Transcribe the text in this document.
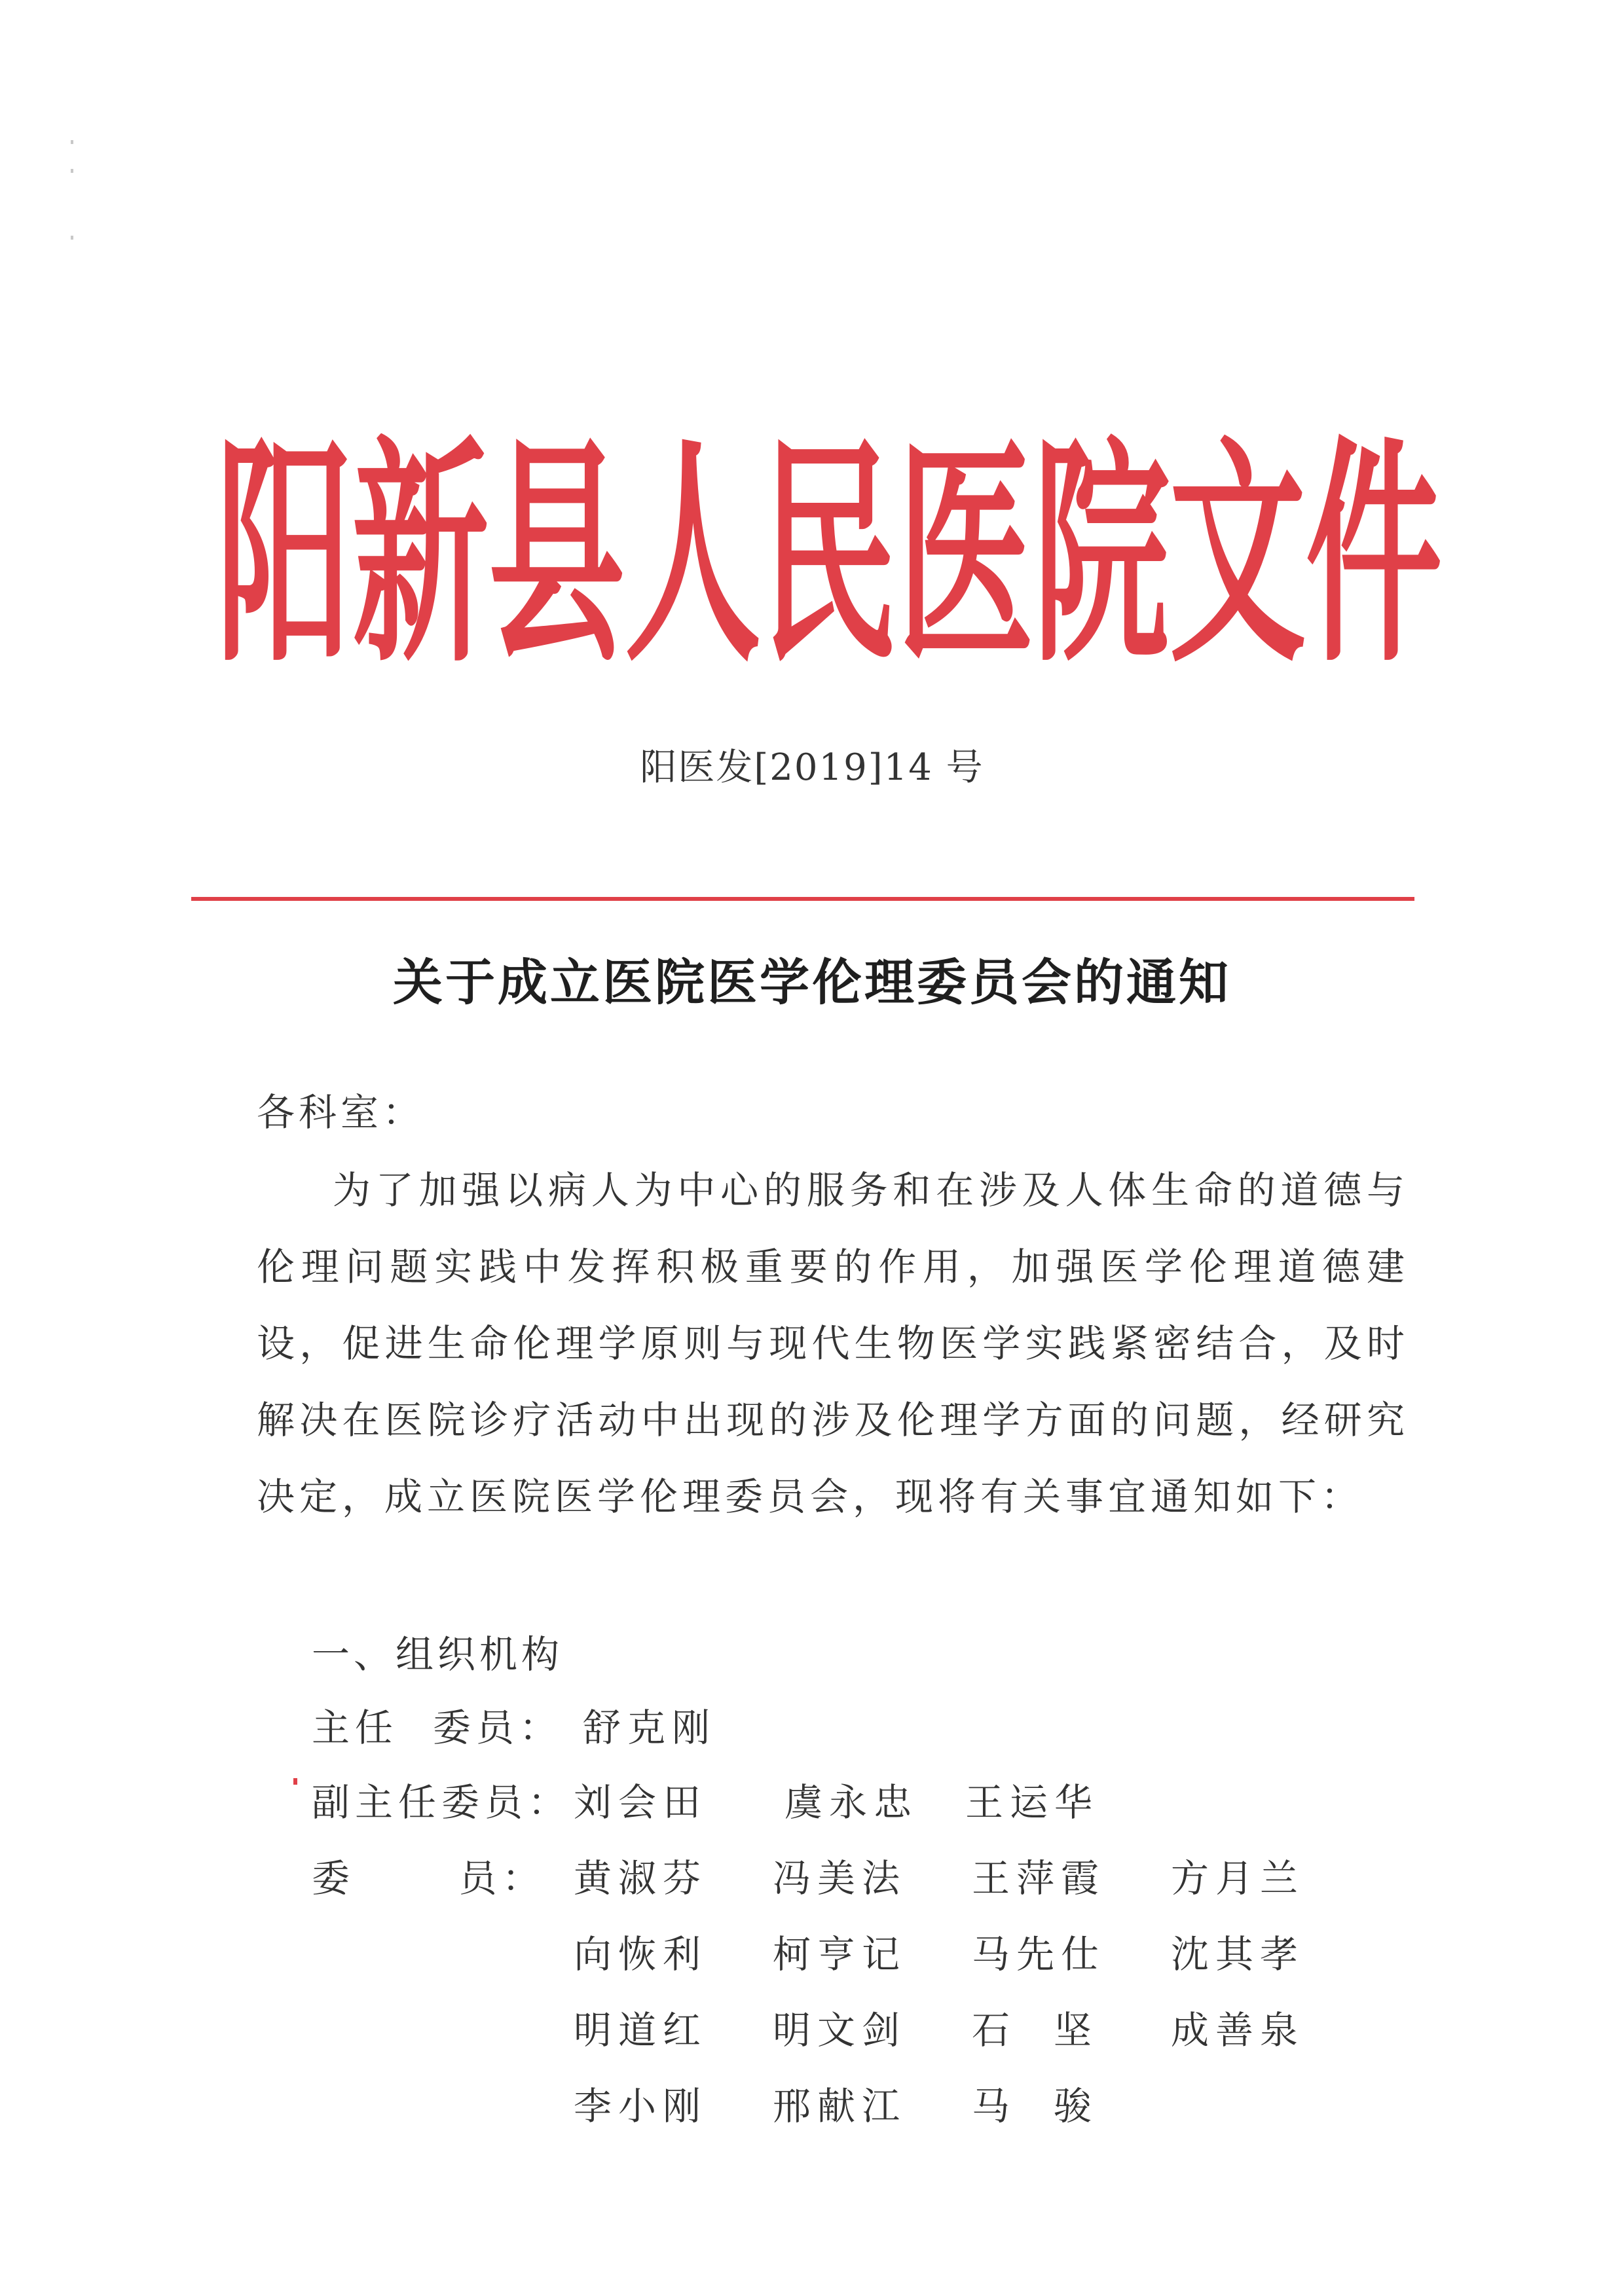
阳 新 县 人 民 医 院 文 件
阳医发[2019]14 号
关于成立医院医学伦理委员会的通知
各科室：
为了加强以病人为中心的服务和在涉及人体生命的道德与伦理问题实践中发挥积极重要的作用，加强医学伦理道德建设，促进生命伦理学原则与现代生物医学实践紧密结合，及时解决在医院诊疗活动中出现的涉及伦理学方面的问题，经研究决定，成立医院医学伦理委员会，现将有关事宜通知如下：
一、组织机构
主任  委员： 舒克刚
副主任委员： 刘会田 虞永忠 王运华
委      员： 黄淑芬 冯美法 王萍霞 方月兰
向恢利 柯亨记 马先仕 沈其孝
明道红 明文剑 石  坚 成善泉
李小刚 邢献江 马  骏
